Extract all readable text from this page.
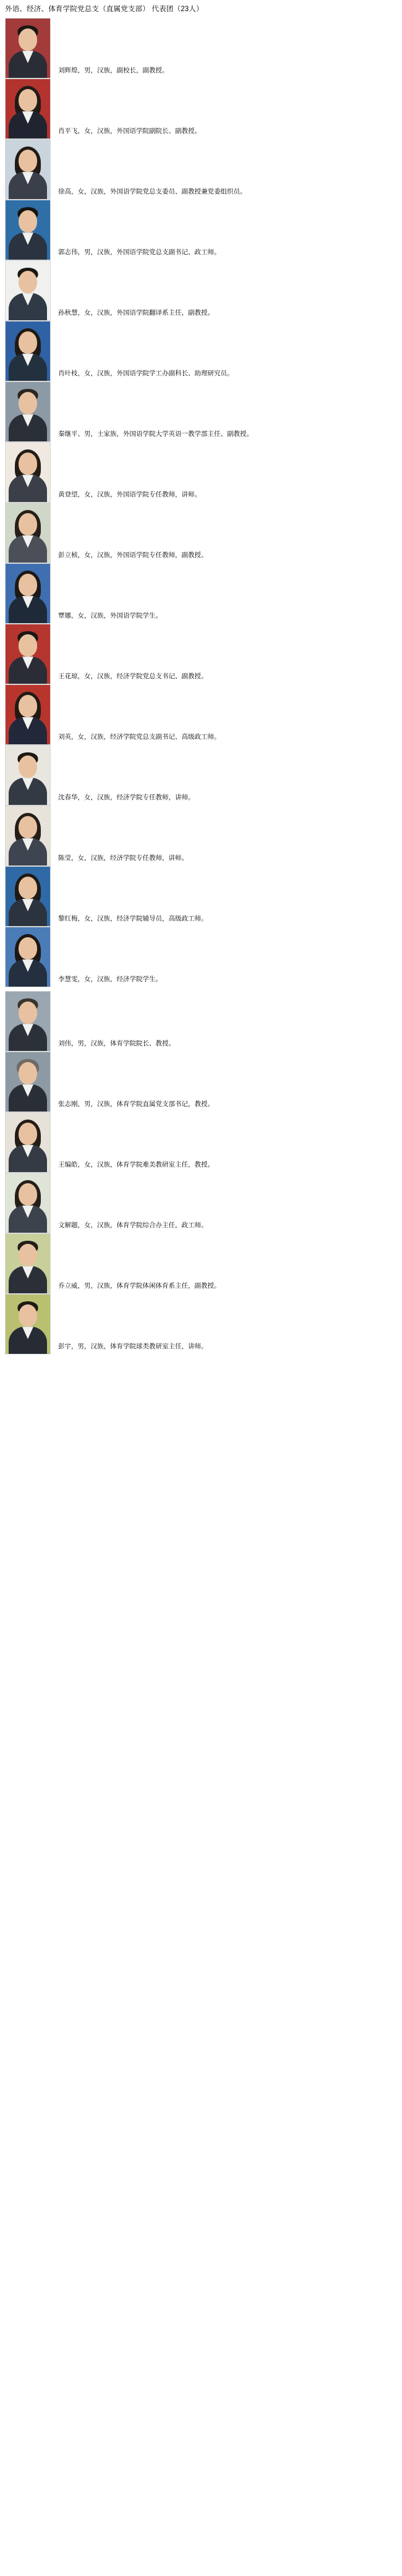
外语、经济、体育学院党总支（直属党支部） 代表团（23人）
刘辉煌，男，汉族，副校长，副教授。
肖平飞，女，汉族，外国语学院副院长、副教授。
徐高，女，汉族，外国语学院党总支委员、副教授兼党委组织员。
郭志伟，男，汉族，外国语学院党总支副书记、政工师。
孙秋慧，女，汉族，外国语学院翻译系主任，副教授。
肖叶枝，女，汉族，外国语学院学工办副科长、助理研究员。
秦继平、男，土家族，外国语学院大学英语一教学部主任、副教授。
黄登望，女，汉族，外国语学院专任教师，讲师。
彭立桢，女，汉族，外国语学院专任教师，副教授。
覃娜，女，汉族，外国语学院学生。
王花琼，女，汉族，经济学院党总支书记、副教授。
刘英，女，汉族，经济学院党总支副书记、高级政工师。
沈春华，女，汉族，经济学院专任教师，讲师。
陈莹，女，汉族，经济学院专任教师，讲师。
黎红梅，女，汉族，经济学院辅导员，高级政工师。
李慧雯，女，汉族，经济学院学生。
刘伟，男，汉族，体育学院院长、教授。
张志刚，男，汉族，体育学院直属党支部书记，教授。
王编皓，女，汉族，体育学院难美教研室主任，教授。
文解题，女，汉族，体育学院综合办主任，政工师。
乔立威，男，汉族，体育学院体闲体育系主任，副教授。
彭宇，男，汉族，体育学院球类教研室主任，讲师。
